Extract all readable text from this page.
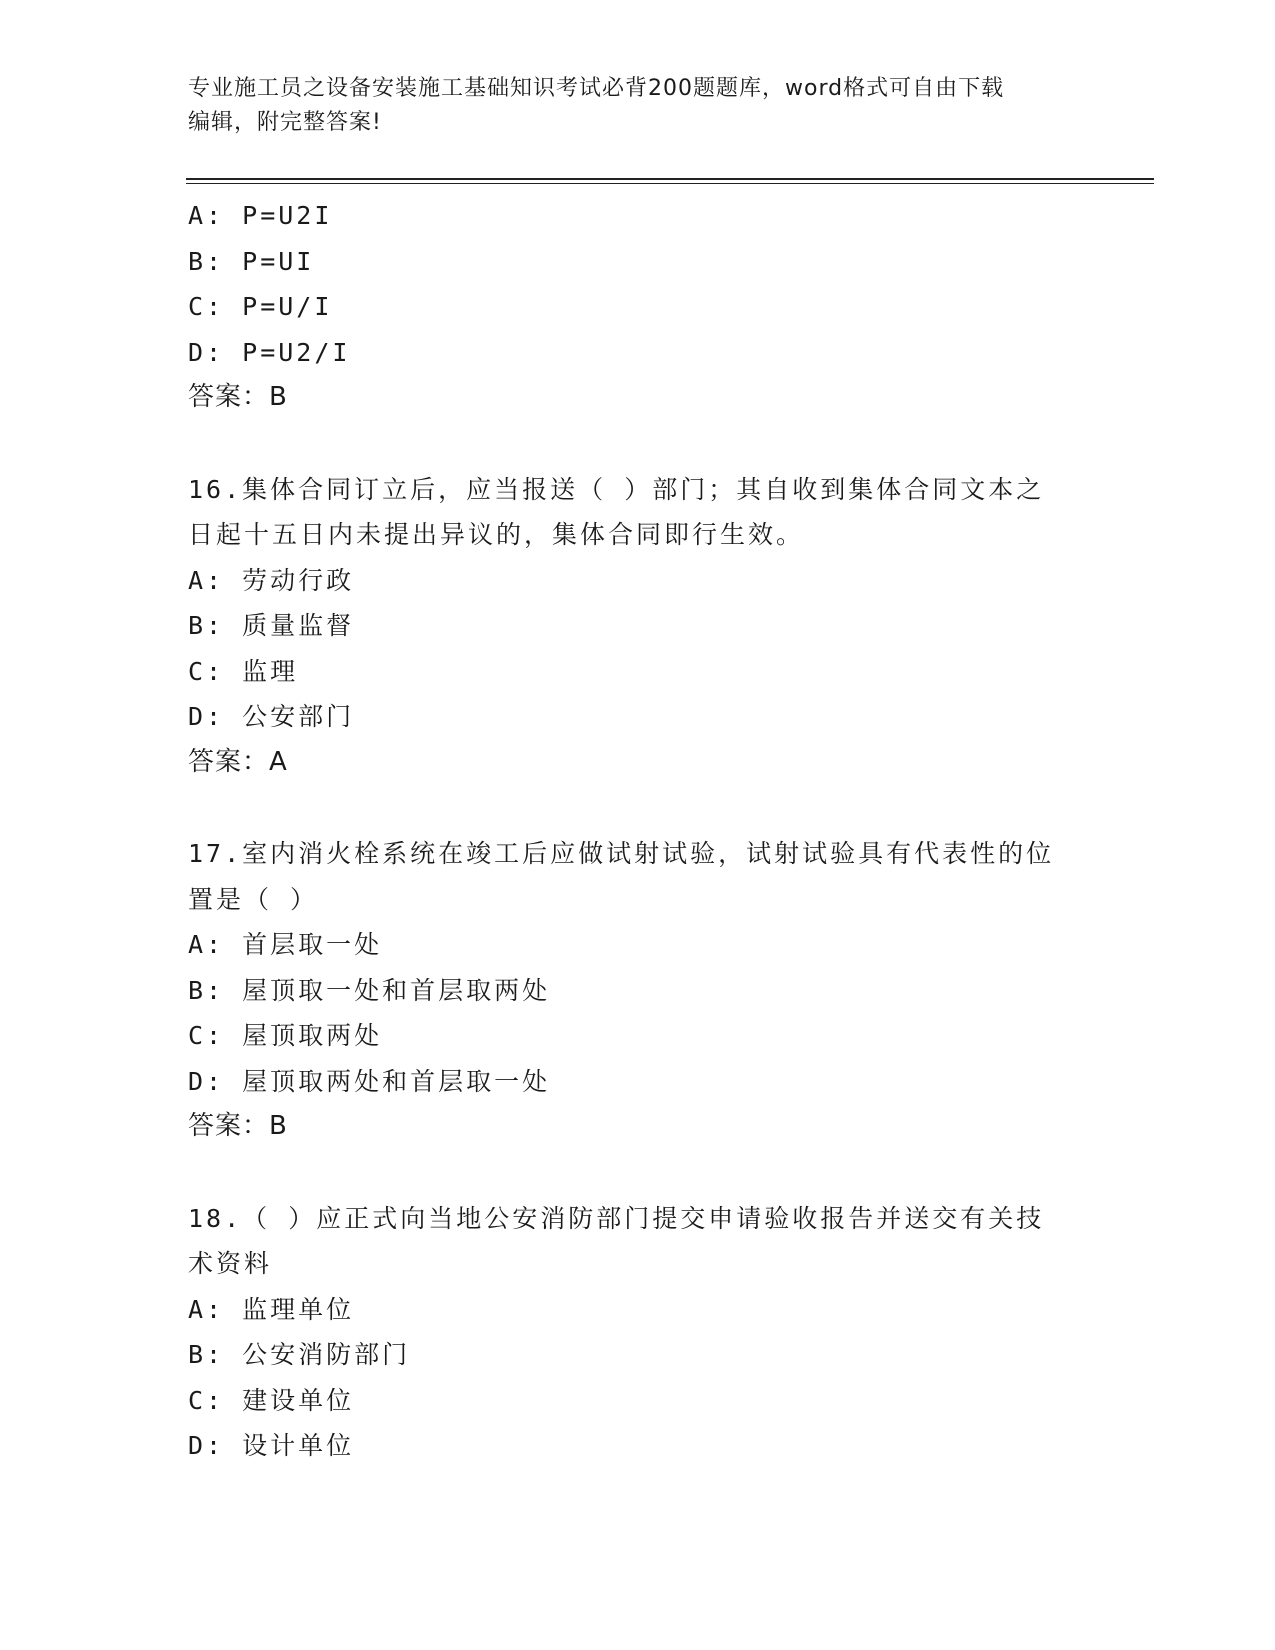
专业施工员之设备安装施工基础知识考试必背200题题库，word格式可自由下载
编辑，附完整答案!
A: P=U2I
B: P=UI
C: P=U/I
D: P=U2/I
答案：B
16.集体合同订立后，应当报送（ ）部门；其自收到集体合同文本之
日起十五日内未提出异议的，集体合同即行生效。
A: 劳动行政
B: 质量监督
C: 监理
D: 公安部门
答案：A
17.室内消火栓系统在竣工后应做试射试验，试射试验具有代表性的位
置是（ ）
A: 首层取一处
B: 屋顶取一处和首层取两处
C: 屋顶取两处
D: 屋顶取两处和首层取一处
答案：B
18.（ ）应正式向当地公安消防部门提交申请验收报告并送交有关技
术资料
A: 监理单位
B: 公安消防部门
C: 建设单位
D: 设计单位
